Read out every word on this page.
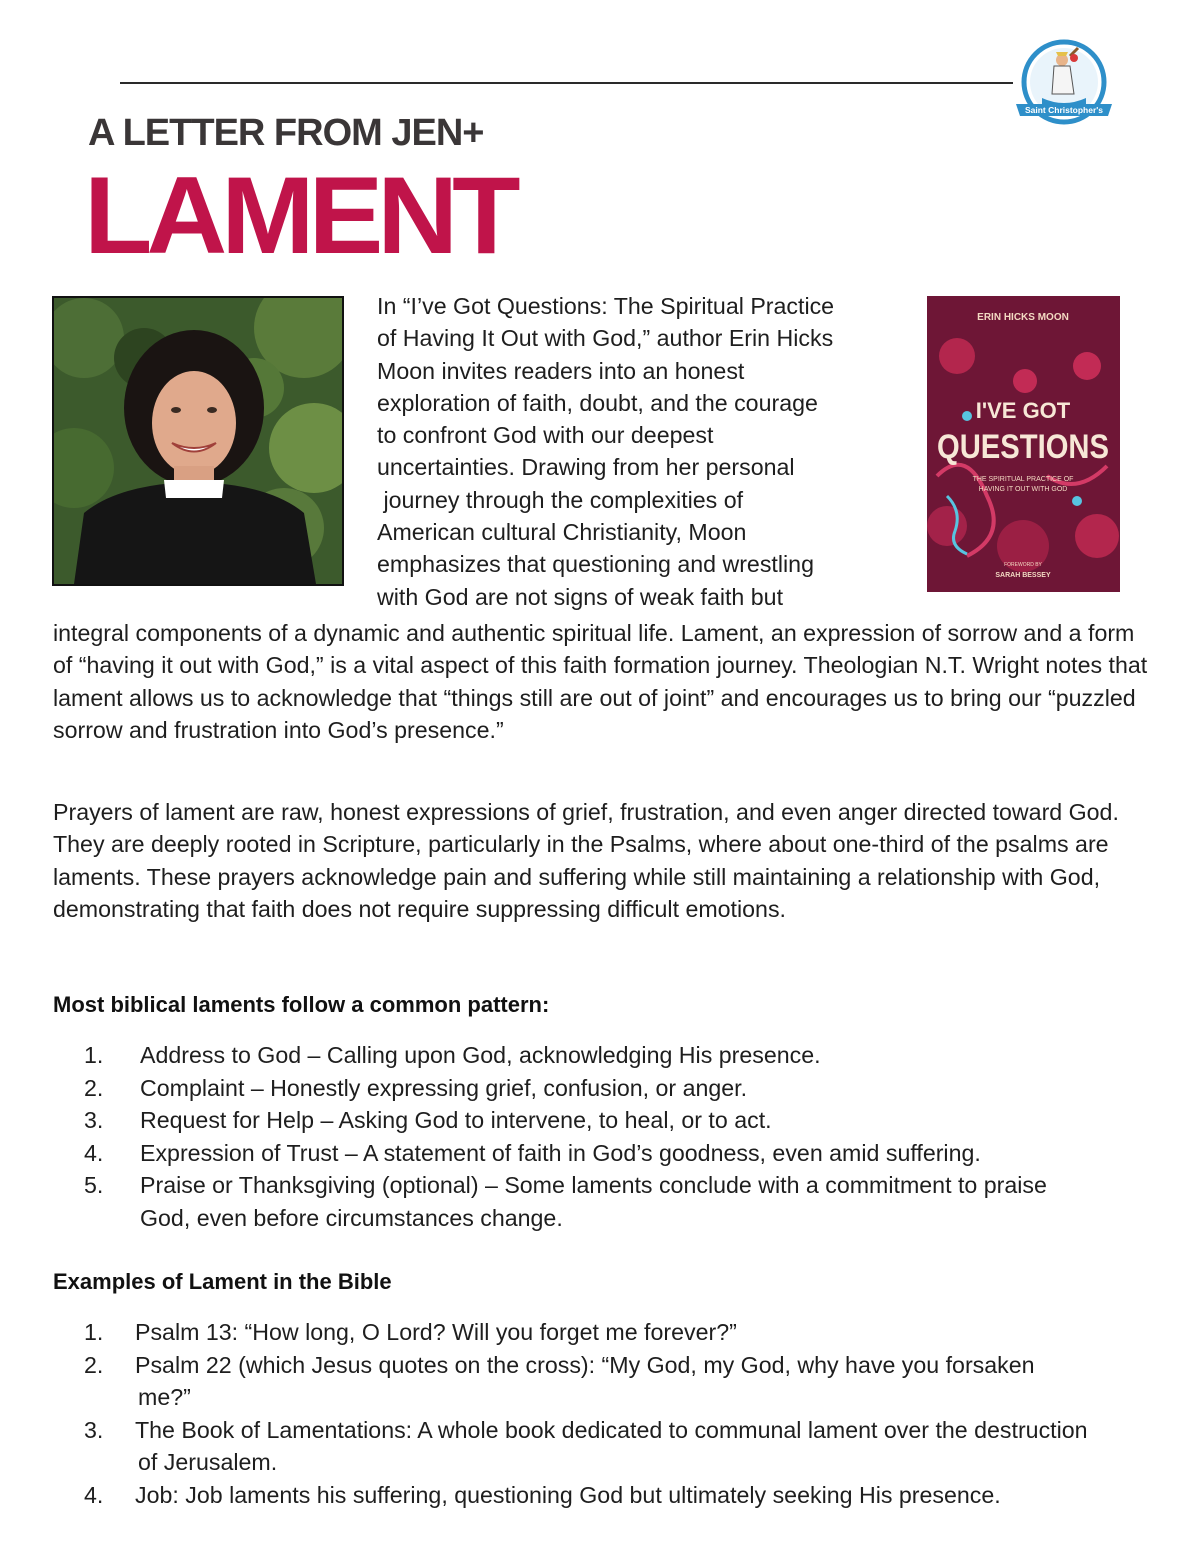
Saint Christopher's
A LETTER FROM JEN+
LAMENT
ERIN HICKS MOON
I'VE GOT
QUESTIONS
THE SPIRITUAL PRACTICE OF
HAVING IT OUT WITH GOD
FOREWORD BY
SARAH BESSEY
In “I’ve Got Questions: The Spiritual Practice
of Having It Out with God,” author Erin Hicks
Moon invites readers into an honest
exploration of faith, doubt, and the courage
to confront God with our deepest
uncertainties. Drawing from her personal
journey through the complexities of
American cultural Christianity, Moon
emphasizes that questioning and wrestling
with God are not signs of weak faith but

integral components of a dynamic and authentic spiritual life. Lament, an expression of sorrow and a form of “having it out with God,” is a vital aspect of this faith formation journey. Theologian N.T. Wright notes that lament allows us to acknowledge that “things still are out of joint” and encourages us to bring our “puzzled sorrow and frustration into God’s presence.”

Prayers of lament are raw, honest expressions of grief, frustration, and even anger directed toward God. They are deeply rooted in Scripture, particularly in the Psalms, where about one-third of the psalms are laments. These prayers acknowledge pain and suffering while still maintaining a relationship with God, demonstrating that faith does not require suppressing difficult emotions.

Most biblical laments follow a common pattern:
1. Address to God – Calling upon God, acknowledging His presence.
2. Complaint – Honestly expressing grief, confusion, or anger.
3. Request for Help – Asking God to intervene, to heal, or to act.
4. Expression of Trust – A statement of faith in God’s goodness, even amid suffering.
5. Praise or Thanksgiving (optional) – Some laments conclude with a commitment to praise God, even before circumstances change.
Examples of Lament in the Bible
1. Psalm 13: “How long, O Lord? Will you forget me forever?”
2. Psalm 22 (which Jesus quotes on the cross): “My God, my God, why have you forsaken me?”
3. The Book of Lamentations: A whole book dedicated to communal lament over the destruction of Jerusalem.
4. Job: Job laments his suffering, questioning God but ultimately seeking His presence.
